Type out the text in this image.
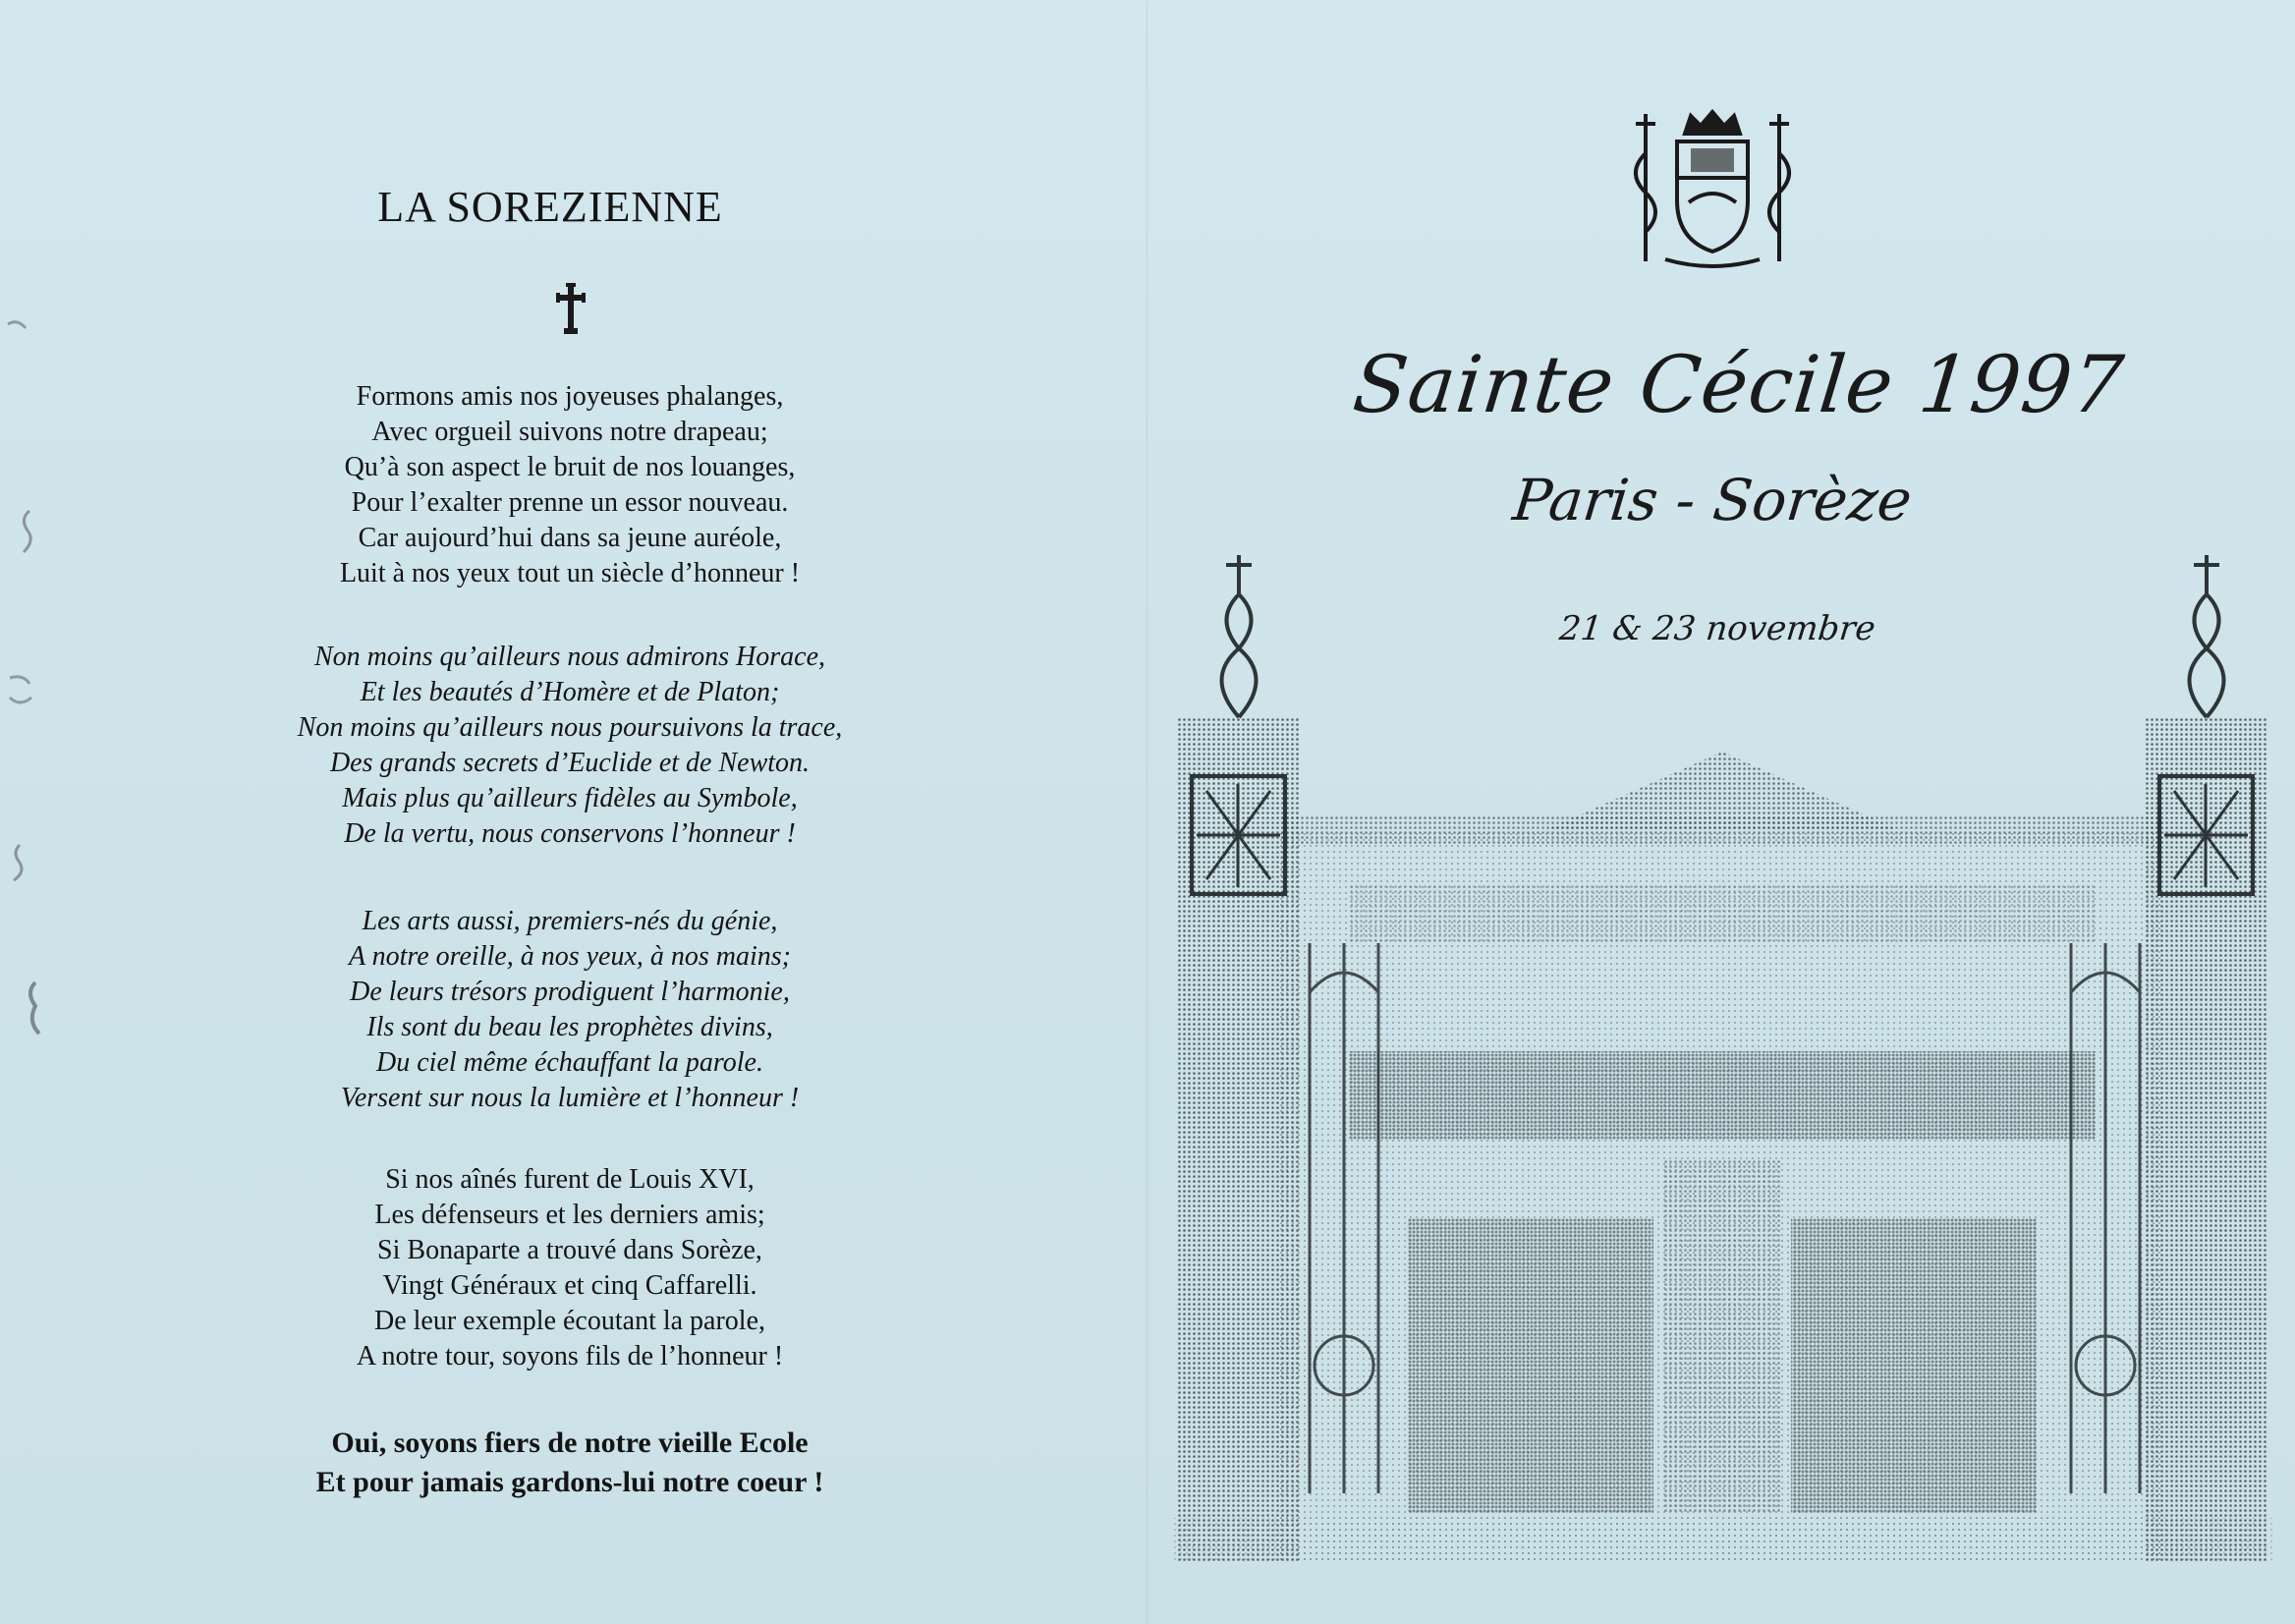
LA SOREZIENNE
Formons amis nos joyeuses phalanges,
Avec orgueil suivons notre drapeau;
Qu’à son aspect le bruit de nos louanges,
Pour l’exalter prenne un essor nouveau.
Car aujourd’hui dans sa jeune auréole,
Luit à nos yeux tout un siècle d’honneur !
Non moins qu’ailleurs nous admirons Horace,
Et les beautés d’Homère et de Platon;
Non moins qu’ailleurs nous poursuivons la trace,
Des grands secrets d’Euclide et de Newton.
Mais plus qu’ailleurs fidèles au Symbole,
De la vertu, nous conservons l’honneur !
Les arts aussi, premiers-nés du génie,
A notre oreille, à nos yeux, à nos mains;
De leurs trésors prodiguent l’harmonie,
Ils sont du beau les prophètes divins,
Du ciel même échauffant la parole.
Versent sur nous la lumière et l’honneur !
Si nos aînés furent de Louis XVI,
Les défenseurs et les derniers amis;
Si Bonaparte a trouvé dans Sorèze,
Vingt Généraux et cinq Caffarelli.
De leur exemple écoutant la parole,
A notre tour, soyons fils de l’honneur !
Oui, soyons fiers de notre vieille Ecole
Et pour jamais gardons-lui notre coeur !
Sainte Cécile 1997
Paris - Sorèze
21 & 23 novembre
